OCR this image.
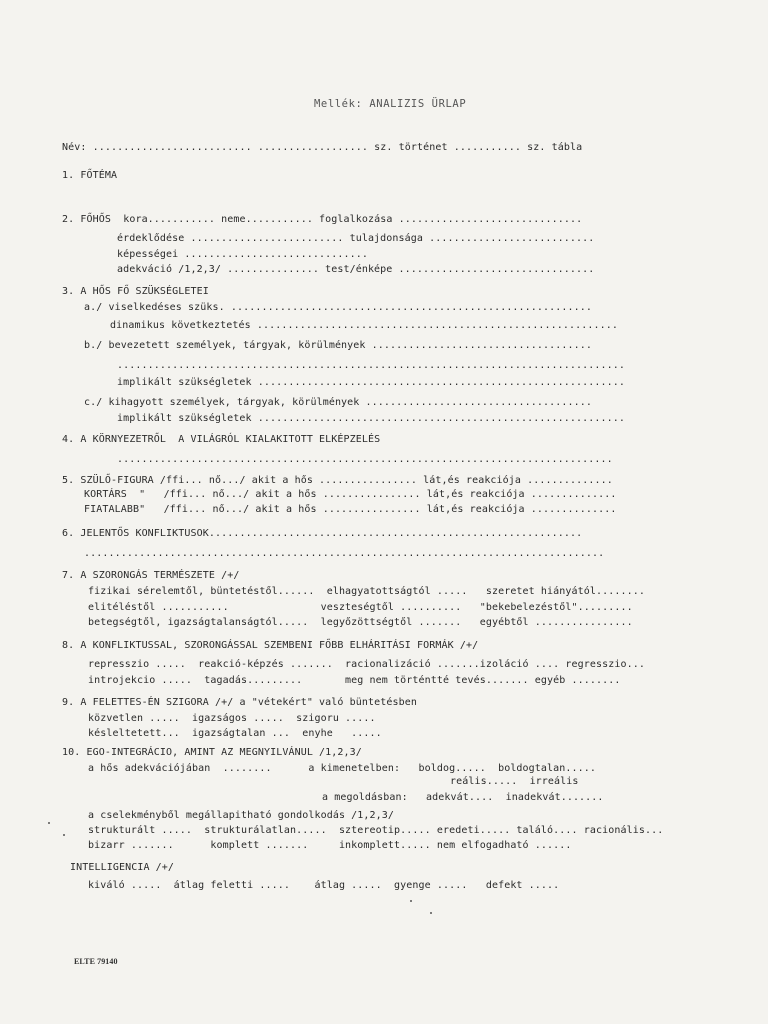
Mellék: ANALIZIS ÜRLAP
Név: .......................... .................. sz. történet ........... sz. tábla
1. FŐTÉMA
2. FŐHŐS  kora........... neme........... foglalkozása ..............................
érdeklődése ......................... tulajdonsága ...........................
képességei ..............................
adekváció /1,2,3/ ............... test/énképe ................................
3. A HŐS FŐ SZÜKSÉGLETEI
a./ viselkedéses szüks. ...........................................................
dinamikus következtetés ...........................................................
b./ bevezetett személyek, tárgyak, körülmények ....................................
...................................................................................
implikált szükségletek ............................................................
c./ kihagyott személyek, tárgyak, körülmények .....................................
implikált szükségletek ............................................................
4. A KÖRNYEZETRŐL  A VILÁGRÓL KIALAKITOTT ELKÉPZELÉS
.................................................................................
5. SZÜLŐ-FIGURA /ffi... nő.../ akit a hős ................ lát,és reakciója ..............
KORTÁRS  "   /ffi... nő.../ akit a hős ................ lát,és reakciója ..............
FIATALABB"   /ffi... nő.../ akit a hős ................ lát,és reakciója ..............
6. JELENTŐS KONFLIKTUSOK.............................................................
.....................................................................................
7. A SZORONGÁS TERMÉSZETE /+/
fizikai sérelemtől, büntetéstől......  elhagyatottságtól .....   szeretet hiányától........
elitéléstől ...........               veszteségtől ..........   "bekebelezéstől".........
betegségtől, igazságtalanságtól.....  legyőzöttségtől .......   egyébtől ................
8. A KONFLIKTUSSAL, SZORONGÁSSAL SZEMBENI FŐBB ELHÁRITÁSI FORMÁK /+/
represszio .....  reakció-képzés .......  racionalizáció .......izoláció .... regresszio...
introjekcio .....  tagadás.........       meg nem történtté tevés....... egyéb ........
9. A FELETTES-ÉN SZIGORA /+/ a "vétekért" való büntetésben
közvetlen .....  igazságos .....  szigoru .....
késleltetett...  igazságtalan ...  enyhe   .....
10. EGO-INTEGRÁCIO, AMINT AZ MEGNYILVÁNUL /1,2,3/
a hős adekvációjában  ........      a kimenetelben:   boldog.....  boldogtalan.....
reális.....  irreális
a megoldásban:   adekvát....  inadekvát.......
a cselekményből megállapitható gondolkodás /1,2,3/
strukturált .....  strukturálatlan.....  sztereotip..... eredeti..... találó.... racionális...
bizarr .......      komplett .......     inkomplett..... nem elfogadható ......
INTELLIGENCIA /+/
kiváló .....  átlag feletti .....    átlag .....  gyenge .....   defekt .....
ELTE 79140
